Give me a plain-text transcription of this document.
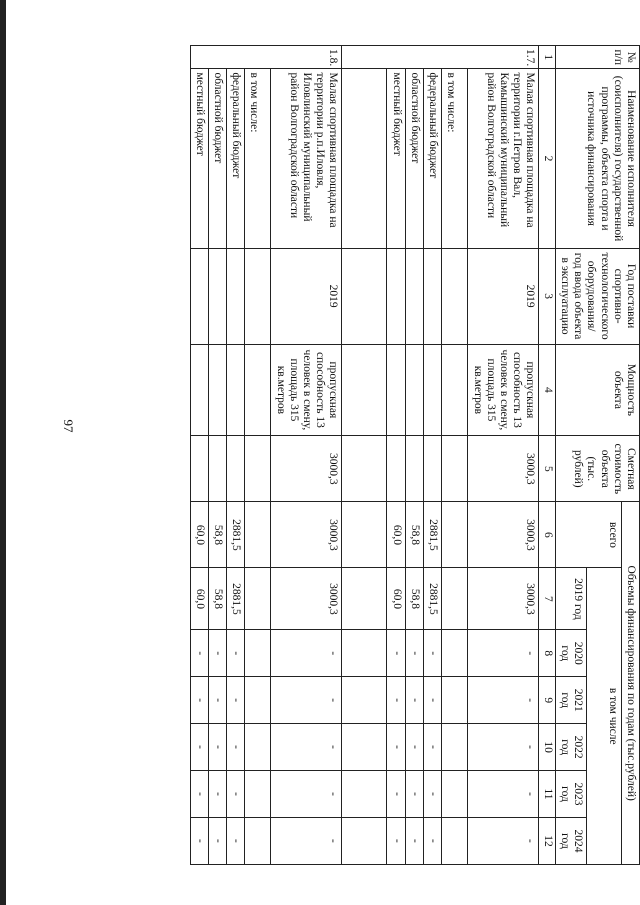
97
№ п/п	Наименование исполнителя (соисполнителя) государственной программы, объекта спорта и источника финансирования	Год поставки спортивно-технологического оборудования/ год ввода объекта в эксплуатацию	Мощность объекта	Сметная стоимость объекта (тыс. рублей)	Объемы финансирования по годам (тыс.рублей)						
					всего	в том числе					
						2019 год	2020 год	2021 год	2022 год	2023 год	2024 год
1	2	3	4	5	6	7	8	9	10	11	12
1.7.	Малая спортивная площадка на территории г.Петров Вал, Камышинский муниципальный район Волгоградской области	2019	пропускная способность 13 человек в смену, площадь 315 кв.метров	3000,3	3000,3	3000,3	-	-	-	-	-
	в том числе:										
	федеральный бюджет				2881,5	2881,5	-	-	-	-	-
	областной бюджет				58,8	58,8	-	-	-	-	-
	местный бюджет				60,0	60,0	-	-	-	-	-

1.8.	Малая спортивная площадка на территории р.п.Иловля, Иловлинский муниципальный район Волгоградской области	2019	пропускная способность 13 человек в смену, площадь 315 кв.метров	3000,3	3000,3	3000,3	-	-	-	-	-
	в том числе:										
	федеральный бюджет				2881,5	2881,5	-	-	-	-	-
	областной бюджет				58,8	58,8	-	-	-	-	-
	местный бюджет				60,0	60,0	-	-	-	-	-
